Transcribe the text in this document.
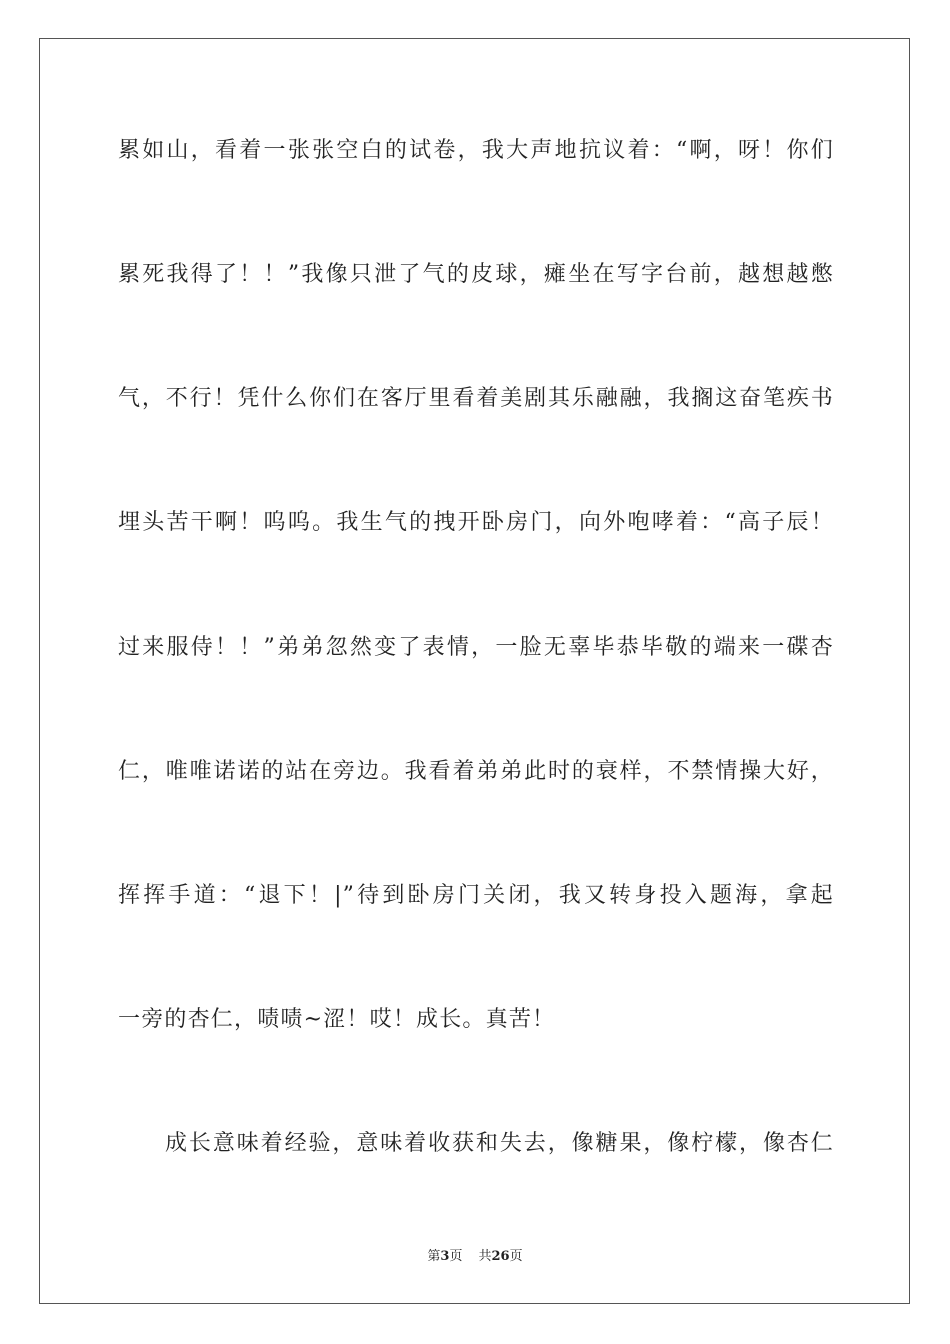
累如山，看着一张张空白的试卷，我大声地抗议着：“啊，呀！你们
累死我得了！！”我像只泄了气的皮球，瘫坐在写字台前，越想越憋
气，不行！凭什么你们在客厅里看着美剧其乐融融，我搁这奋笔疾书
埋头苦干啊！呜呜。我生气的拽开卧房门，向外咆哮着：“高子辰！
过来服侍！！”弟弟忽然变了表情，一脸无辜毕恭毕敬的端来一碟杏
仁，唯唯诺诺的站在旁边。我看着弟弟此时的衰样，不禁情操大好，
挥挥手道：“退下！|”待到卧房门关闭，我又转身投入题海，拿起
一旁的杏仁，啧啧~涩！哎！成长。真苦！
成长意味着经验，意味着收获和失去，像糖果，像柠檬，像杏仁
第3页 共26页
